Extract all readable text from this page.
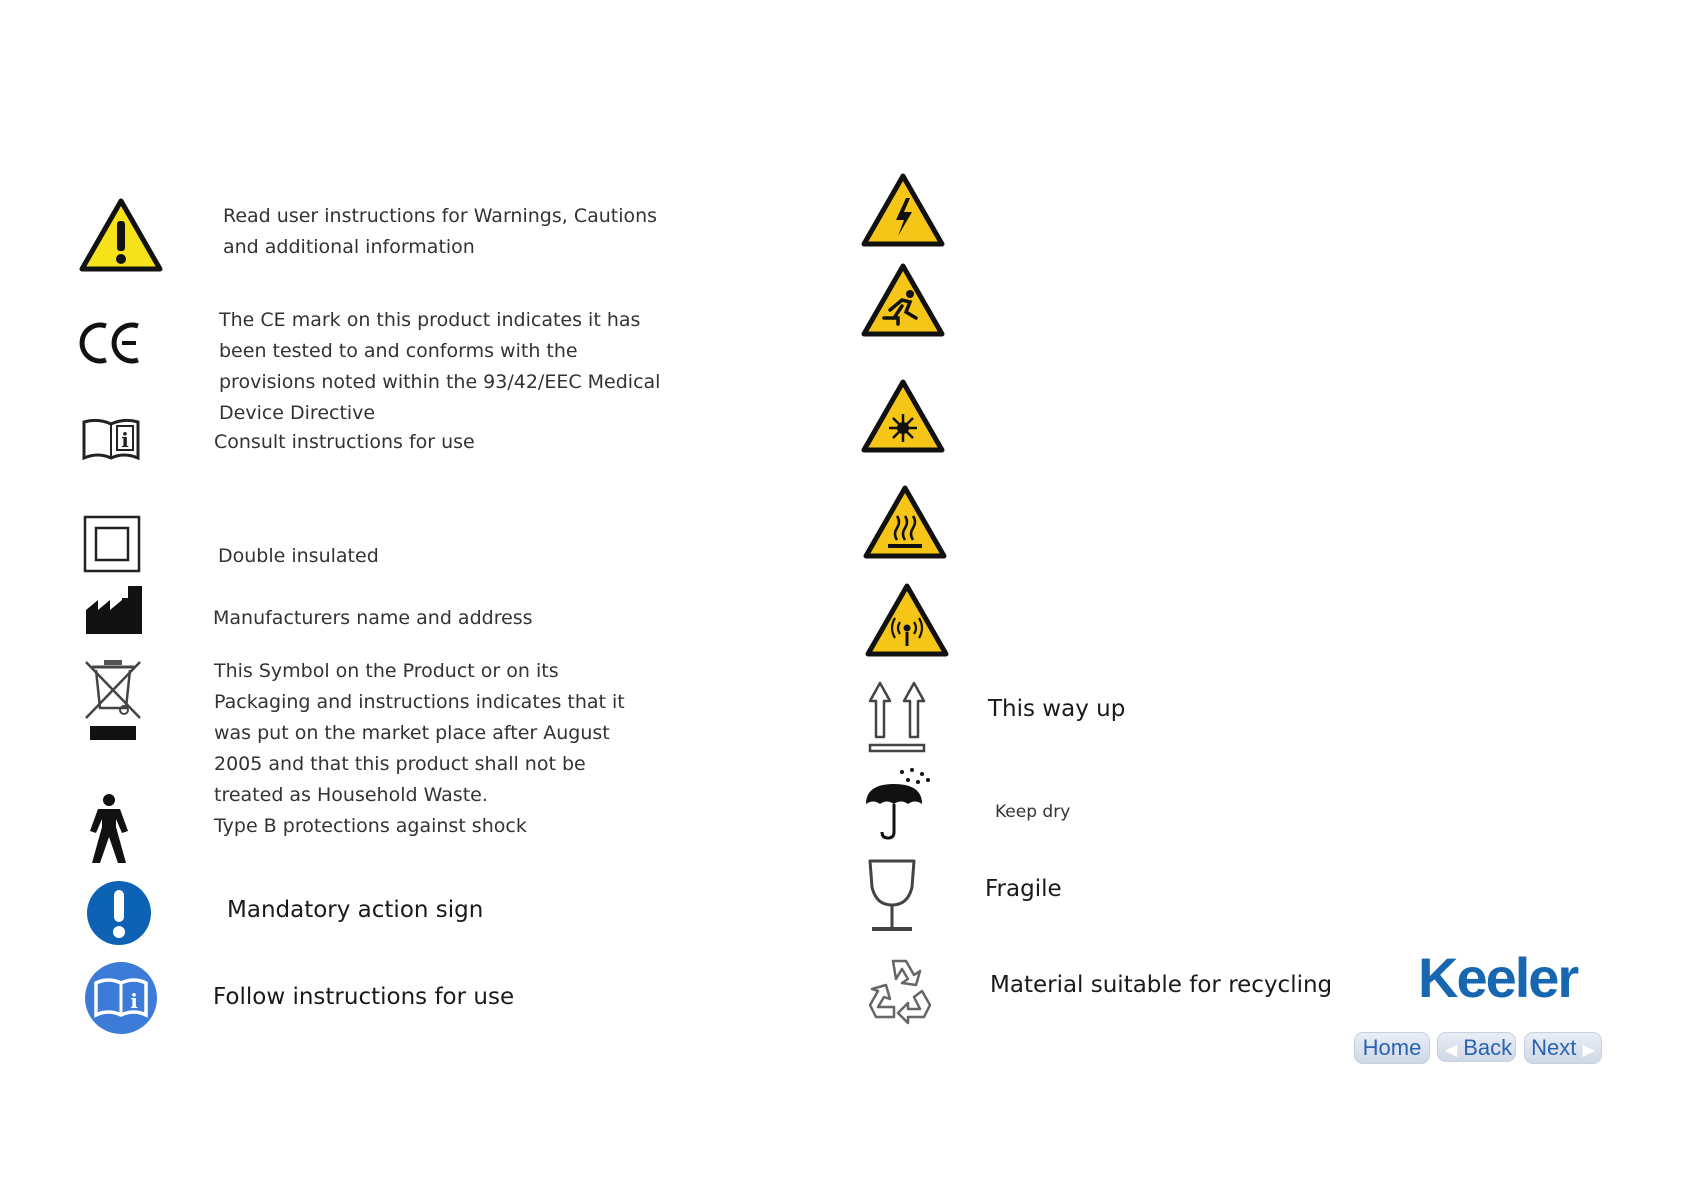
Read user instructions for Warnings, Cautions and additional information
The CE mark on this product indicates it has been tested to and conforms with the provisions noted within the 93/42/EEC Medical Device Directive
i	Consult instructions for use
Double insulated
Manufacturers name and address
This Symbol on the Product or on its Packaging and instructions indicates that it was put on the market place after August 2005 and that this product shall not be treated as Household Waste.
Type B protections against shock
Mandatory action sign
i	Follow instructions for use
This way up
Keep dry
Fragile
Material suitable for recycling	Keeler
Home	◀ Back Next ▶
